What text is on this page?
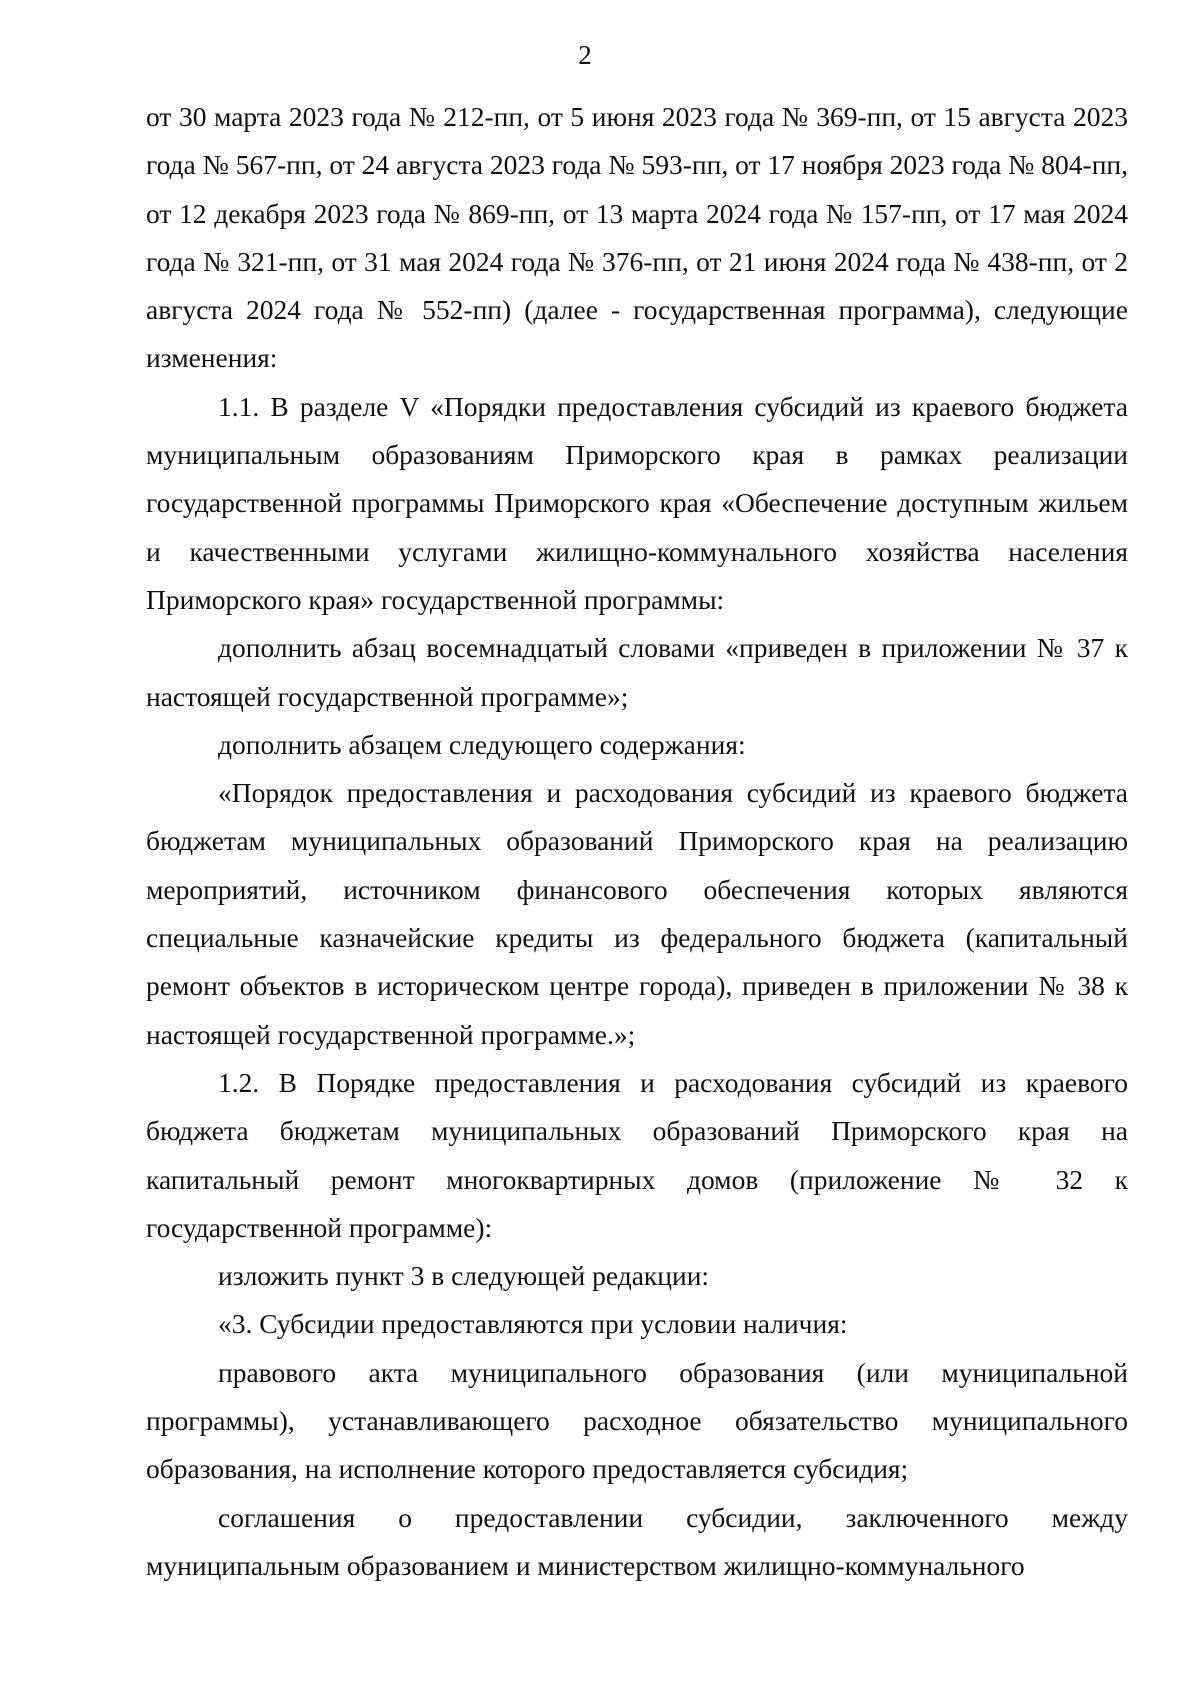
2

от 30 марта 2023 года № 212-пп, от 5 июня 2023 года № 369-пп, от 15 августа 2023 года № 567-пп, от 24 августа 2023 года № 593-пп, от 17 ноября 2023 года № 804-пп, от 12 декабря 2023 года № 869-пп, от 13 марта 2024 года № 157-пп, от 17 мая 2024 года № 321-пп, от 31 мая 2024 года № 376-пп, от 21 июня 2024 года № 438-пп, от 2 августа 2024 года № 552-пп) (далее - государственная программа), следующие изменения:

1.1. В разделе V «Порядки предоставления субсидий из краевого бюджета муниципальным образованиям Приморского края в рамках реализации государственной программы Приморского края «Обеспечение доступным жильем и качественными услугами жилищно-коммунального хозяйства населения Приморского края» государственной программы:

дополнить абзац восемнадцатый словами «приведен в приложении № 37 к настоящей государственной программе»;

дополнить абзацем следующего содержания:

«Порядок предоставления и расходования субсидий из краевого бюджета бюджетам муниципальных образований Приморского края на реализацию мероприятий, источником финансового обеспечения которых являются специальные казначейские кредиты из федерального бюджета (капитальный ремонт объектов в историческом центре города), приведен в приложении № 38 к настоящей государственной программе.»;

1.2. В Порядке предоставления и расходования субсидий из краевого бюджета бюджетам муниципальных образований Приморского края на капитальный ремонт многоквартирных домов (приложение № 32 к государственной программе):

изложить пункт 3 в следующей редакции:

«3. Субсидии предоставляются при условии наличия:

правового акта муниципального образования (или муниципальной программы), устанавливающего расходное обязательство муниципального образования, на исполнение которого предоставляется субсидия;

соглашения о предоставлении субсидии, заключенного между муниципальным образованием и министерством жилищно-коммунального
